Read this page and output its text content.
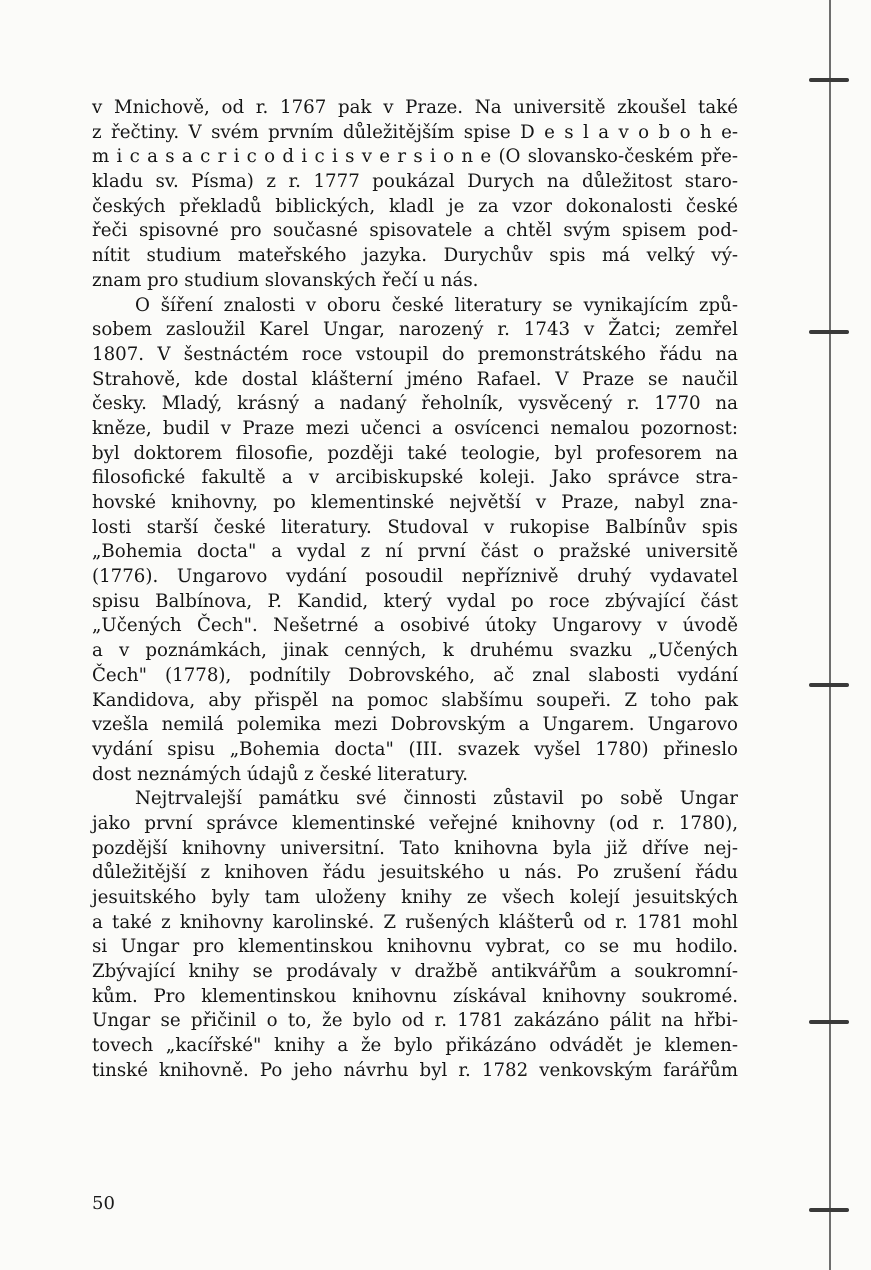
v Mnichově, od r. 1767 pak v Praze. Na universitě zkoušel také
z řečtiny. V svém prvním důležitějším spise D e s l a v o b o h e-
m i c a s a c r i c o d i c i s v e r s i o n e (O slovansko-českém pře-
kladu sv. Písma) z r. 1777 poukázal Durych na důležitost staro-
českých překladů biblických, kladl je za vzor dokonalosti české
řeči spisovné pro současné spisovatele a chtěl svým spisem pod-
nítit studium mateřského jazyka. Durychův spis má velký vý-
znam pro studium slovanských řečí u nás.
O šíření znalosti v oboru české literatury se vynikajícím způ-
sobem zasloužil Karel Ungar, narozený r. 1743 v Žatci; zemřel
1807. V šestnáctém roce vstoupil do premonstrátského řádu na
Strahově, kde dostal klášterní jméno Rafael. V Praze se naučil
česky. Mladý, krásný a nadaný řeholník, vysvěcený r. 1770 na
kněze, budil v Praze mezi učenci a osvícenci nemalou pozornost:
byl doktorem filosofie, později také teologie, byl profesorem na
filosofické fakultě a v arcibiskupské koleji. Jako správce stra-
hovské knihovny, po klementinské největší v Praze, nabyl zna-
losti starší české literatury. Studoval v rukopise Balbínův spis
„Bohemia docta" a vydal z ní první část o pražské universitě
(1776). Ungarovo vydání posoudil nepříznivě druhý vydavatel
spisu Balbínova, P. Kandid, který vydal po roce zbývající část
„Učených Čech". Nešetrné a osobivé útoky Ungarovy v úvodě
a v poznámkách, jinak cenných, k druhému svazku „Učených
Čech" (1778), podnítily Dobrovského, ač znal slabosti vydání
Kandidova, aby přispěl na pomoc slabšímu soupeři. Z toho pak
vzešla nemilá polemika mezi Dobrovským a Ungarem. Ungarovo
vydání spisu „Bohemia docta" (III. svazek vyšel 1780) přineslo
dost neznámých údajů z české literatury.
Nejtrvalejší památku své činnosti zůstavil po sobě Ungar
jako první správce klementinské veřejné knihovny (od r. 1780),
pozdější knihovny universitní. Tato knihovna byla již dříve nej-
důležitější z knihoven řádu jesuitského u nás. Po zrušení řádu
jesuitského byly tam uloženy knihy ze všech kolejí jesuitských
a také z knihovny karolinské. Z rušených klášterů od r. 1781 mohl
si Ungar pro klementinskou knihovnu vybrat, co se mu hodilo.
Zbývající knihy se prodávaly v dražbě antikvářům a soukromní-
kům. Pro klementinskou knihovnu získával knihovny soukromé.
Ungar se přičinil o to, že bylo od r. 1781 zakázáno pálit na hřbi-
tovech „kacířské" knihy a že bylo přikázáno odvádět je klemen-
tinské knihovně. Po jeho návrhu byl r. 1782 venkovským farářům
50
